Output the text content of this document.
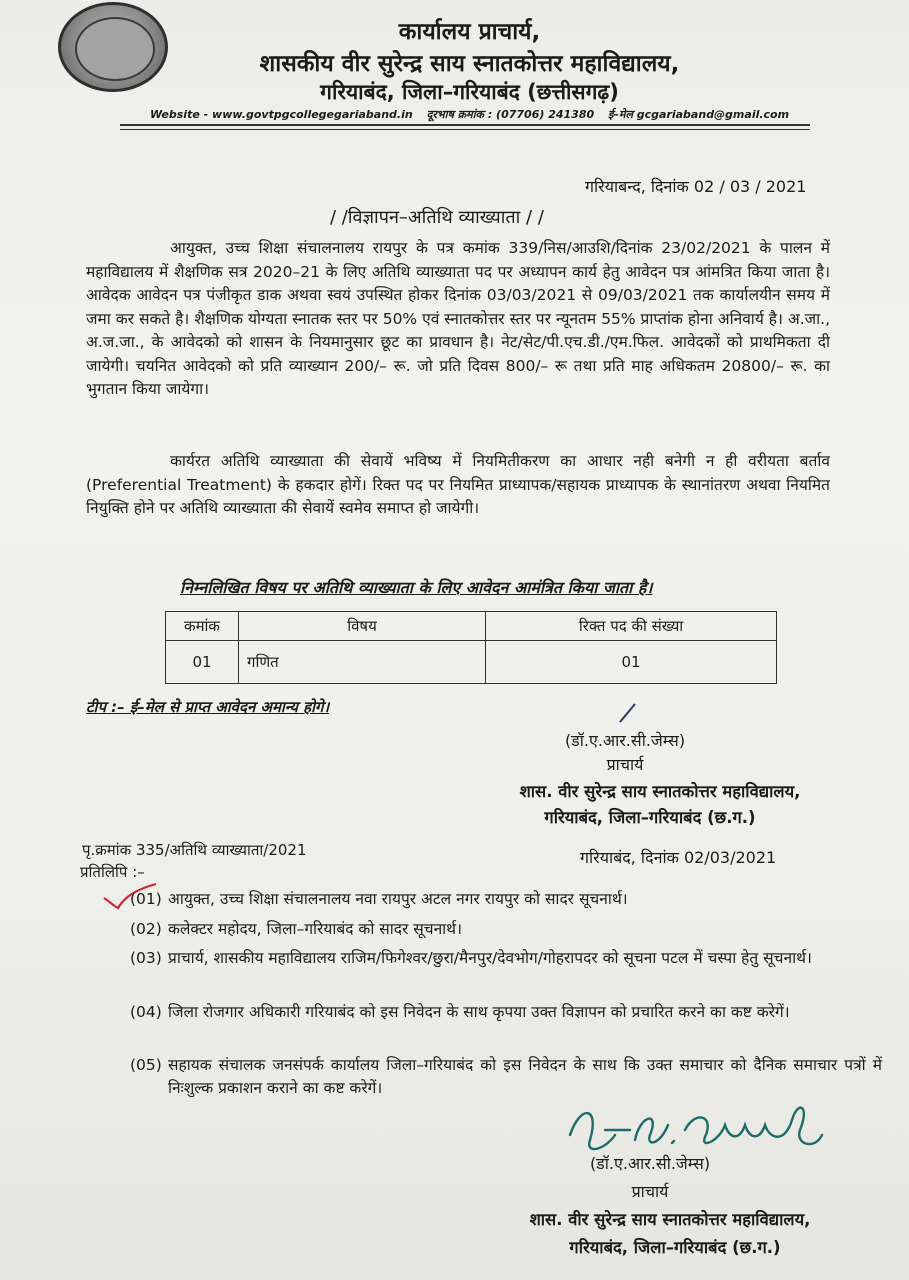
कार्यालय प्राचार्य,
शासकीय वीर सुरेन्द्र साय स्नातकोत्तर महाविद्यालय,
गरियाबंद, जिला–गरियाबंद (छत्तीसगढ़)
Website - www.govtpgcollegegariaband.in दूरभाष क्रमांक : (07706) 241380 ई–मेल gcgariaband@gmail.com
गरियाबन्द, दिनांक 02 / 03 / 2021
/ /विज्ञापन–अतिथि व्याख्याता / /
आयुक्त, उच्च शिक्षा संचालनालय रायपुर के पत्र कमांक 339/निस/आउशि/दिनांक 23/02/2021 के पालन में महाविद्यालय में शैक्षणिक सत्र 2020–21 के लिए अतिथि व्याख्याता पद पर अध्यापन कार्य हेतु आवेदन पत्र आंमत्रित किया जाता है। आवेदक आवेदन पत्र पंजीकृत डाक अथवा स्वयं उपस्थित होकर दिनांक 03/03/2021 से 09/03/2021 तक कार्यालयीन समय में जमा कर सकते है। शैक्षणिक योग्यता स्नातक स्तर पर 50% एवं स्नातकोत्तर स्तर पर न्यूनतम 55% प्राप्तांक होना अनिवार्य है। अ.जा., अ.ज.जा., के आवेदको को शासन के नियमानुसार छूट का प्रावधान है। नेट/सेट/पी.एच.डी./एम.फिल. आवेदकों को प्राथमिकता दी जायेगी। चयनित आवेदको को प्रति व्याख्यान 200/– रू. जो प्रति दिवस 800/– रू तथा प्रति माह अधिकतम 20800/– रू. का भुगतान किया जायेगा।
कार्यरत अतिथि व्याख्याता की सेवायें भविष्य में नियमितीकरण का आधार नही बनेगी न ही वरीयता बर्ताव (Preferential Treatment) के हकदार होगें। रिक्त पद पर नियमित प्राध्यापक/सहायक प्राध्यापक के स्थानांतरण अथवा नियमित नियुक्ति होने पर अतिथि व्याख्याता की सेवायें स्वमेव समाप्त हो जायेगी।
निम्नलिखित विषय पर अतिथि व्याख्याता के लिए आवेदन आमंत्रित किया जाता है।
कमांक	विषय	रिक्त पद की संख्या
01	गणित	01
टीप :– ई–मेल से प्राप्त आवेदन अमान्य होगे।
(डॉ.ए.आर.सी.जेम्स)
प्राचार्य
शास. वीर सुरेन्द्र साय स्नातकोत्तर महाविद्यालय,
गरियाबंद, जिला–गरियाबंद (छ.ग.)
पृ.क्रमांक 335/अतिथि व्याख्याता/2021	गरियाबंद, दिनांक 02/03/2021
प्रतिलिपि :–
(01) आयुक्त, उच्च शिक्षा संचालनालय नवा रायपुर अटल नगर रायपुर को सादर सूचनार्थ।
(02) कलेक्टर महोदय, जिला–गरियाबंद को सादर सूचनार्थ।
(03) प्राचार्य, शासकीय महाविद्यालय राजिम/फिगेश्वर/छुरा/मैनपुर/देवभोग/गोहरापदर को सूचना पटल में चस्पा हेतु सूचनार्थ।
(04) जिला रोजगार अधिकारी गरियाबंद को इस निवेदन के साथ कृपया उक्त विज्ञापन को प्रचारित करने का कष्ट करेगें।
(05) सहायक संचालक जनसंपर्क कार्यालय जिला–गरियाबंद को इस निवेदन के साथ कि उक्त समाचार को दैनिक समाचार पत्रों में निःशुल्क प्रकाशन कराने का कष्ट करेगें।
(डॉ.ए.आर.सी.जेम्स)
प्राचार्य
शास. वीर सुरेन्द्र साय स्नातकोत्तर महाविद्यालय,
गरियाबंद, जिला–गरियाबंद (छ.ग.)
